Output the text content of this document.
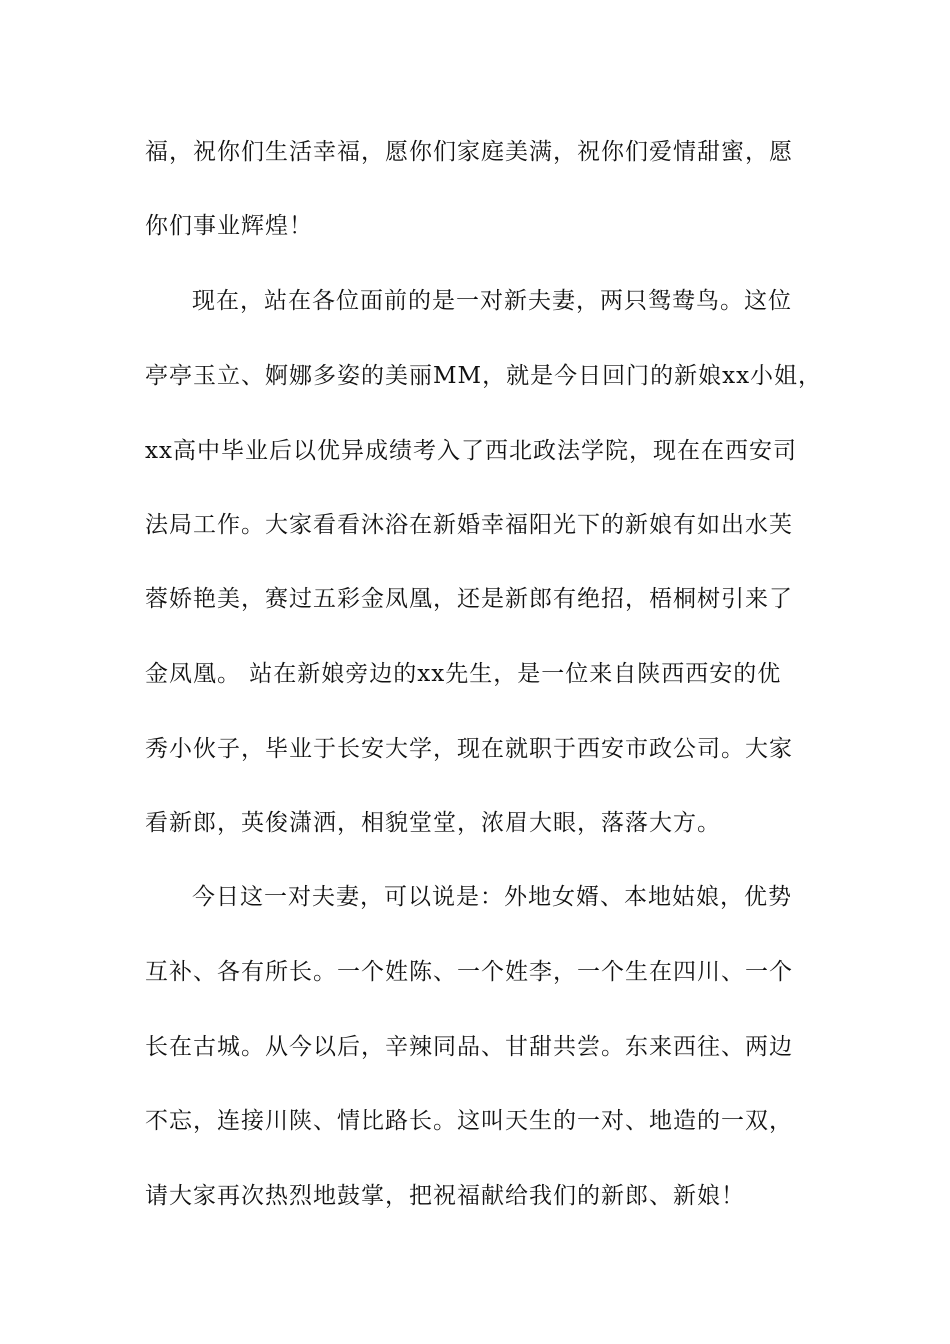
福，祝你们生活幸福，愿你们家庭美满，祝你们爱情甜蜜，愿
你们事业辉煌！
现在，站在各位面前的是一对新夫妻，两只鸳鸯鸟。这位
亭亭玉立、婀娜多姿的美丽MM，就是今日回门的新娘xx小姐，
xx高中毕业后以优异成绩考入了西北政法学院，现在在西安司
法局工作。大家看看沐浴在新婚幸福阳光下的新娘有如出水芙
蓉娇艳美，赛过五彩金凤凰，还是新郎有绝招，梧桐树引来了
金凤凰。 站在新娘旁边的xx先生，是一位来自陕西西安的优
秀小伙子，毕业于长安大学，现在就职于西安市政公司。大家
看新郎，英俊潇洒，相貌堂堂，浓眉大眼，落落大方。
今日这一对夫妻，可以说是：外地女婿、本地姑娘，优势
互补、各有所长。一个姓陈、一个姓李，一个生在四川、一个
长在古城。从今以后，辛辣同品、甘甜共尝。东来西往、两边
不忘，连接川陕、情比路长。这叫天生的一对、地造的一双，
请大家再次热烈地鼓掌，把祝福献给我们的新郎、新娘！
